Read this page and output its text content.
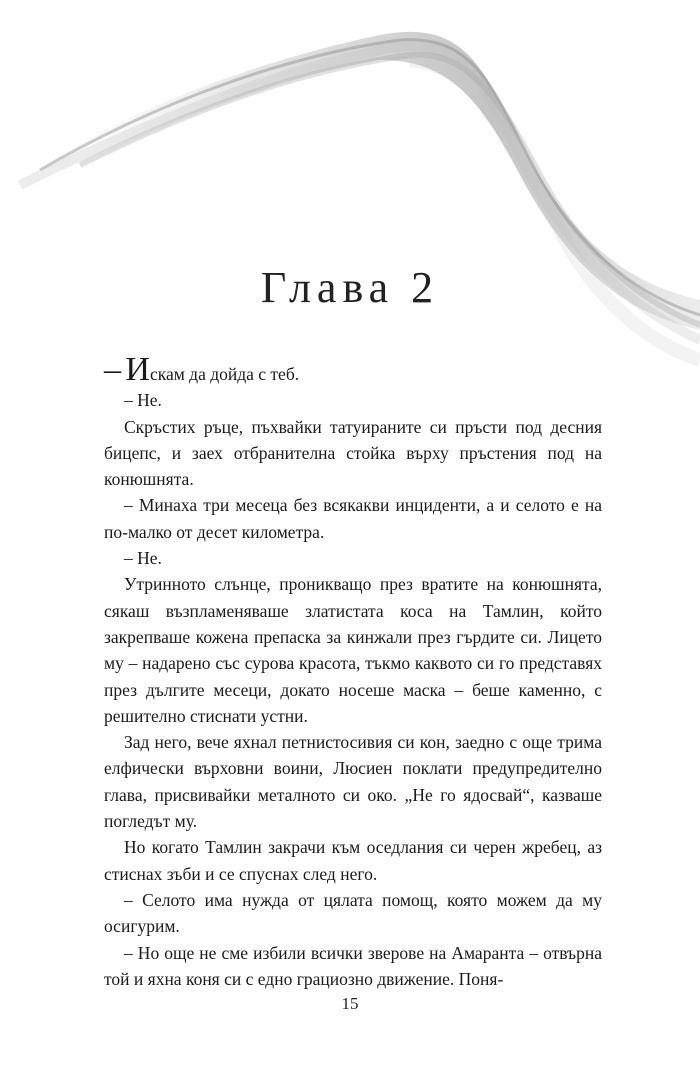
Глава 2

– Искам да дойда с теб.

– Не.

Скръстих ръце, пъхвайки татуираните си пръсти под десния бицепс, и заех отбранителна стойка върху пръстения под на конюшнята.

– Минаха три месеца без всякакви инциденти, а и селото е на по-малко от десет километра.

– Не.

Утринното слънце, проникващо през вратите на конюшнята, сякаш възпламеняваше златистата коса на Тамлин, който закрепваше кожена препаска за кинжали през гърдите си. Лицето му – надарено със сурова красота, тъкмо каквото си го представях през дългите месеци, докато носеше маска – беше каменно, с решително стиснати устни.

Зад него, вече яхнал петнистосивия си кон, заедно с още трима елфически върховни воини, Люсиен поклати предупредително глава, присвивайки металното си око. „Не го ядосвай“, казваше погледът му.

Но когато Тамлин закрачи към оседлания си черен жребец, аз стиснах зъби и се спуснах след него.

– Селото има нужда от цялата помощ, която можем да му осигурим.

– Но още не сме избили всички зверове на Амаранта – отвърна той и яхна коня си с едно грациозно движение. Поня-

15
